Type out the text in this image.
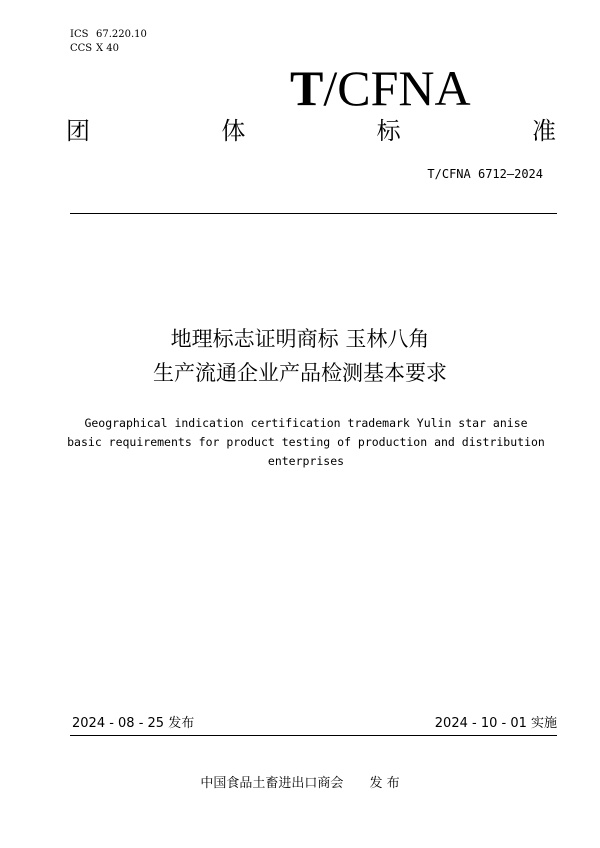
ICS 67.220.10
CCS X 40
T/CFNA
团	体	标	准
T/CFNA 6712—2024
地理标志证明商标 玉林八角
生产流通企业产品检测基本要求
Geographical indication certification trademark Yulin star anise
basic requirements for product testing of production and distribution
enterprises
2024 - 08 - 25 发布	2024 - 10 - 01 实施
中国食品土畜进出口商会 发 布
